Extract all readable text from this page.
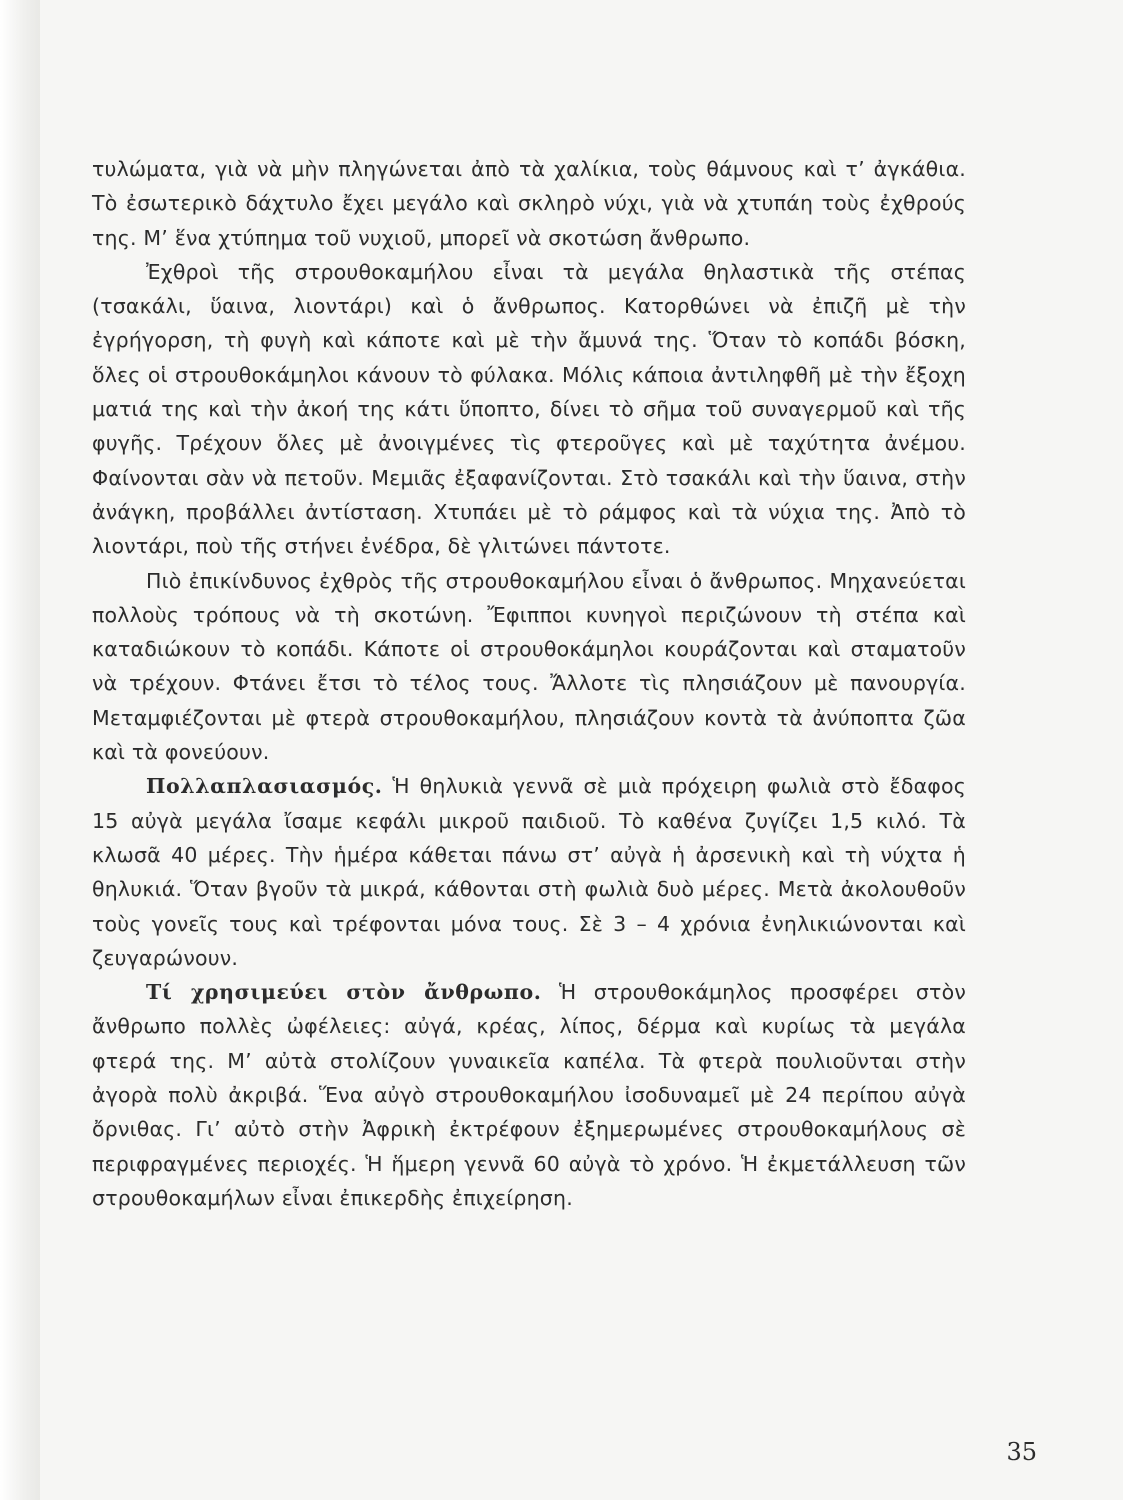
τυλώματα, γιὰ νὰ μὴν πληγώνεται ἀπὸ τὰ χαλίκια, τοὺς θάμνους καὶ τ’ ἀγκάθια. Τὸ ἐσωτερικὸ δάχτυλο ἔχει μεγάλο καὶ σκληρὸ νύχι, γιὰ νὰ χτυπάη τοὺς ἐχθρούς της. Μ’ ἕνα χτύπημα τοῦ νυχιοῦ, μπορεῖ νὰ σκοτώση ἄνθρωπο.

Ἐχθροὶ τῆς στρουθοκαμήλου εἶναι τὰ μεγάλα θηλαστικὰ τῆς στέπας (τσακάλι, ὕαινα, λιοντάρι) καὶ ὁ ἄνθρωπος. Κατορθώνει νὰ ἐπιζῆ μὲ τὴν ἐγρήγορση, τὴ φυγὴ καὶ κάποτε καὶ μὲ τὴν ἄμυνά της. Ὅταν τὸ κοπάδι βόσκη, ὅλες οἱ στρουθοκάμηλοι κάνουν τὸ φύλακα. Μόλις κάποια ἀντιληφθῆ μὲ τὴν ἔξοχη ματιά της καὶ τὴν ἀκοή της κάτι ὕποπτο, δίνει τὸ σῆμα τοῦ συναγερμοῦ καὶ τῆς φυγῆς. Τρέχουν ὅλες μὲ ἀνοιγμένες τὶς φτεροῦγες καὶ μὲ ταχύτητα ἀνέμου. Φαίνονται σὰν νὰ πετοῦν. Μεμιᾶς ἐξαφανίζονται. Στὸ τσακάλι καὶ τὴν ὕαινα, στὴν ἀνάγκη, προβάλλει ἀντίσταση. Χτυπάει μὲ τὸ ράμφος καὶ τὰ νύχια της. Ἀπὸ τὸ λιοντάρι, ποὺ τῆς στήνει ἐνέδρα, δὲ γλιτώνει πάντοτε.

Πιὸ ἐπικίνδυνος ἐχθρὸς τῆς στρουθοκαμήλου εἶναι ὁ ἄνθρωπος. Μηχανεύεται πολλοὺς τρόπους νὰ τὴ σκοτώνη. Ἔφιπποι κυνηγοὶ περιζώνουν τὴ στέπα καὶ καταδιώκουν τὸ κοπάδι. Κάποτε οἱ στρουθοκάμηλοι κουράζονται καὶ σταματοῦν νὰ τρέχουν. Φτάνει ἔτσι τὸ τέλος τους. Ἄλλοτε τὶς πλησιάζουν μὲ πανουργία. Μεταμφιέζονται μὲ φτερὰ στρουθοκαμήλου, πλησιάζουν κοντὰ τὰ ἀνύποπτα ζῶα καὶ τὰ φονεύουν.

Πολλαπλασιασμός. Ἡ θηλυκιὰ γεννᾶ σὲ μιὰ πρόχειρη φωλιὰ στὸ ἔδαφος 15 αὐγὰ μεγάλα ἴσαμε κεφάλι μικροῦ παιδιοῦ. Τὸ καθένα ζυγίζει 1,5 κιλό. Τὰ κλωσᾶ 40 μέρες. Τὴν ἡμέρα κάθεται πάνω στ’ αὐγὰ ἡ ἀρσενικὴ καὶ τὴ νύχτα ἡ θηλυκιά. Ὅταν βγοῦν τὰ μικρά, κάθονται στὴ φωλιὰ δυὸ μέρες. Μετὰ ἀκολουθοῦν τοὺς γονεῖς τους καὶ τρέφονται μόνα τους. Σὲ 3 – 4 χρόνια ἐνηλικιώνονται καὶ ζευγαρώνουν.

Τί χρησιμεύει στὸν ἄνθρωπο. Ἡ στρουθοκάμηλος προσφέρει στὸν ἄνθρωπο πολλὲς ὠφέλειες: αὐγά, κρέας, λίπος, δέρμα καὶ κυρίως τὰ μεγάλα φτερά της. Μ’ αὐτὰ στολίζουν γυναικεῖα καπέλα. Τὰ φτερὰ πουλιοῦνται στὴν ἀγορὰ πολὺ ἀκριβά. Ἕνα αὐγὸ στρουθοκαμήλου ἰσοδυναμεῖ μὲ 24 περίπου αὐγὰ ὄρνιθας. Γι’ αὐτὸ στὴν Ἀφρικὴ ἐκτρέφουν ἐξημερωμένες στρουθοκαμήλους σὲ περιφραγμένες περιοχές. Ἡ ἥμερη γεννᾶ 60 αὐγὰ τὸ χρόνο. Ἡ ἐκμετάλλευση τῶν στρουθοκαμήλων εἶναι ἐπικερδὴς ἐπιχείρηση.

35
